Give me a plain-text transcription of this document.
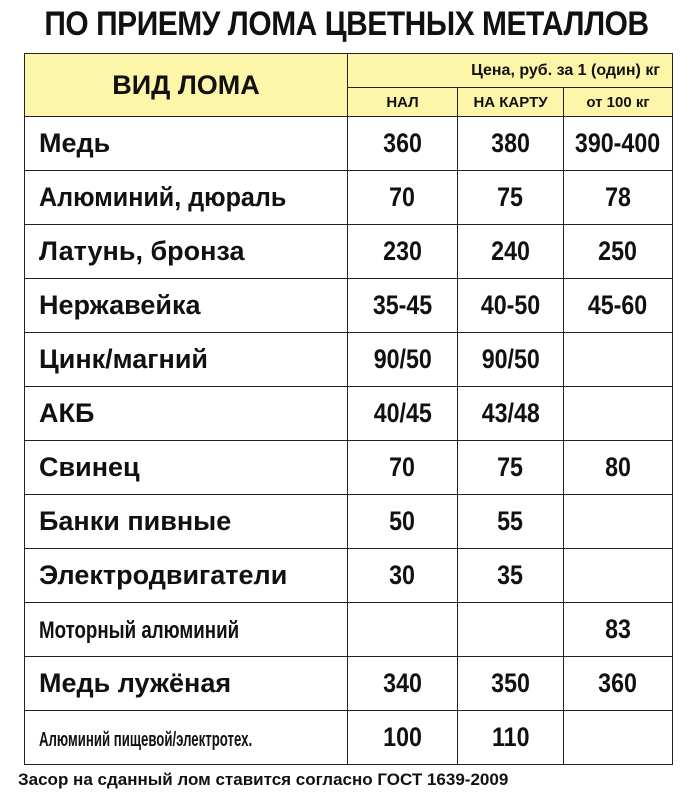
ПО ПРИЕМУ ЛОМА ЦВЕТНЫХ МЕТАЛЛОВ
ВИД ЛОМА	Цена, руб. за 1 (один) кг		
	НАЛ	НА КАРТУ	от 100 кг
Медь	360	380	390-400
Алюминий, дюраль	70	75	78
Латунь, бронза	230	240	250
Нержавейка	35-45	40-50	45-60
Цинк/магний	90/50	90/50	
АКБ	40/45	43/48	
Свинец	70	75	80
Банки пивные	50	55	
Электродвигатели	30	35	
Моторный алюминий			83
Медь лужёная	340	350	360
Алюминий пищевой/электротех.	100	110	
Засор на сданный лом ставится согласно ГОСТ 1639-2009
